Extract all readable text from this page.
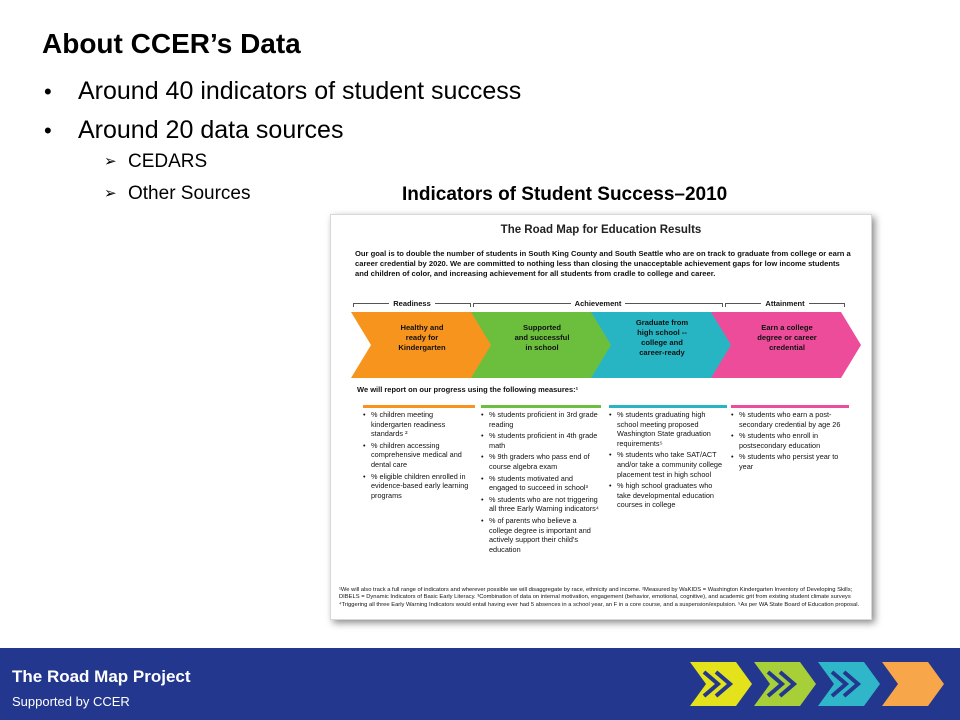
About CCER’s Data
•	Around 40 indicators of student success
•	Around 20 data sources
➢ CEDARS
➢ Other Sources	Indicators of Student Success–2010
The Road Map for Education Results
Our goal is to double the number of students in South King County and South Seattle who are on track to graduate from college or earn a career credential by 2020. We are committed to nothing less than closing the unacceptable achievement gaps for low income students and children of color, and increasing achievement for all students from cradle to college and career.
Readiness	Achievement	Attainment
Healthy and
ready for
Kindergarten
Supported
and successful
in school
Graduate from
high school --
college and
career-ready
Earn a college
degree or career
credential
We will report on our progress using the following measures:¹
• % children meeting kindergarten readiness standards ²
• % children accessing comprehensive medical and dental care
• % eligible children enrolled in evidence-based early learning programs
• % students proficient in 3rd grade reading
• % students proficient in 4th grade math
• % 9th graders who pass end of course algebra exam
• % students motivated and engaged to succeed in school³
• % students who are not triggering all three Early Warning indicators⁴
• % of parents who believe a college degree is important and actively support their child's education
• % students graduating high school meeting proposed Washington State graduation requirements⁵
• % students who take SAT/ACT and/or take a community college placement test in high school
• % high school graduates who take developmental education courses in college
• % students who earn a post-secondary credential by age 26
• % students who enroll in postsecondary education
• % students who persist year to year
¹We will also track a full range of indicators and wherever possible we will disaggregate by race, ethnicity and income. ²Measured by WaKIDS = Washington Kindergarten Inventory of Developing Skills; DIBELS = Dynamic Indicators of Basic Early Literacy. ³Combination of data on internal motivation, engagement (behavior, emotional, cognitive), and academic grit from existing student climate surveys ⁴Triggering all three Early Warning Indicators would entail having ever had 5 absences in a school year, an F in a core course, and a suspension/expulsion. ⁵As per WA State Board of Education proposal.
The Road Map Project
Supported by CCER
